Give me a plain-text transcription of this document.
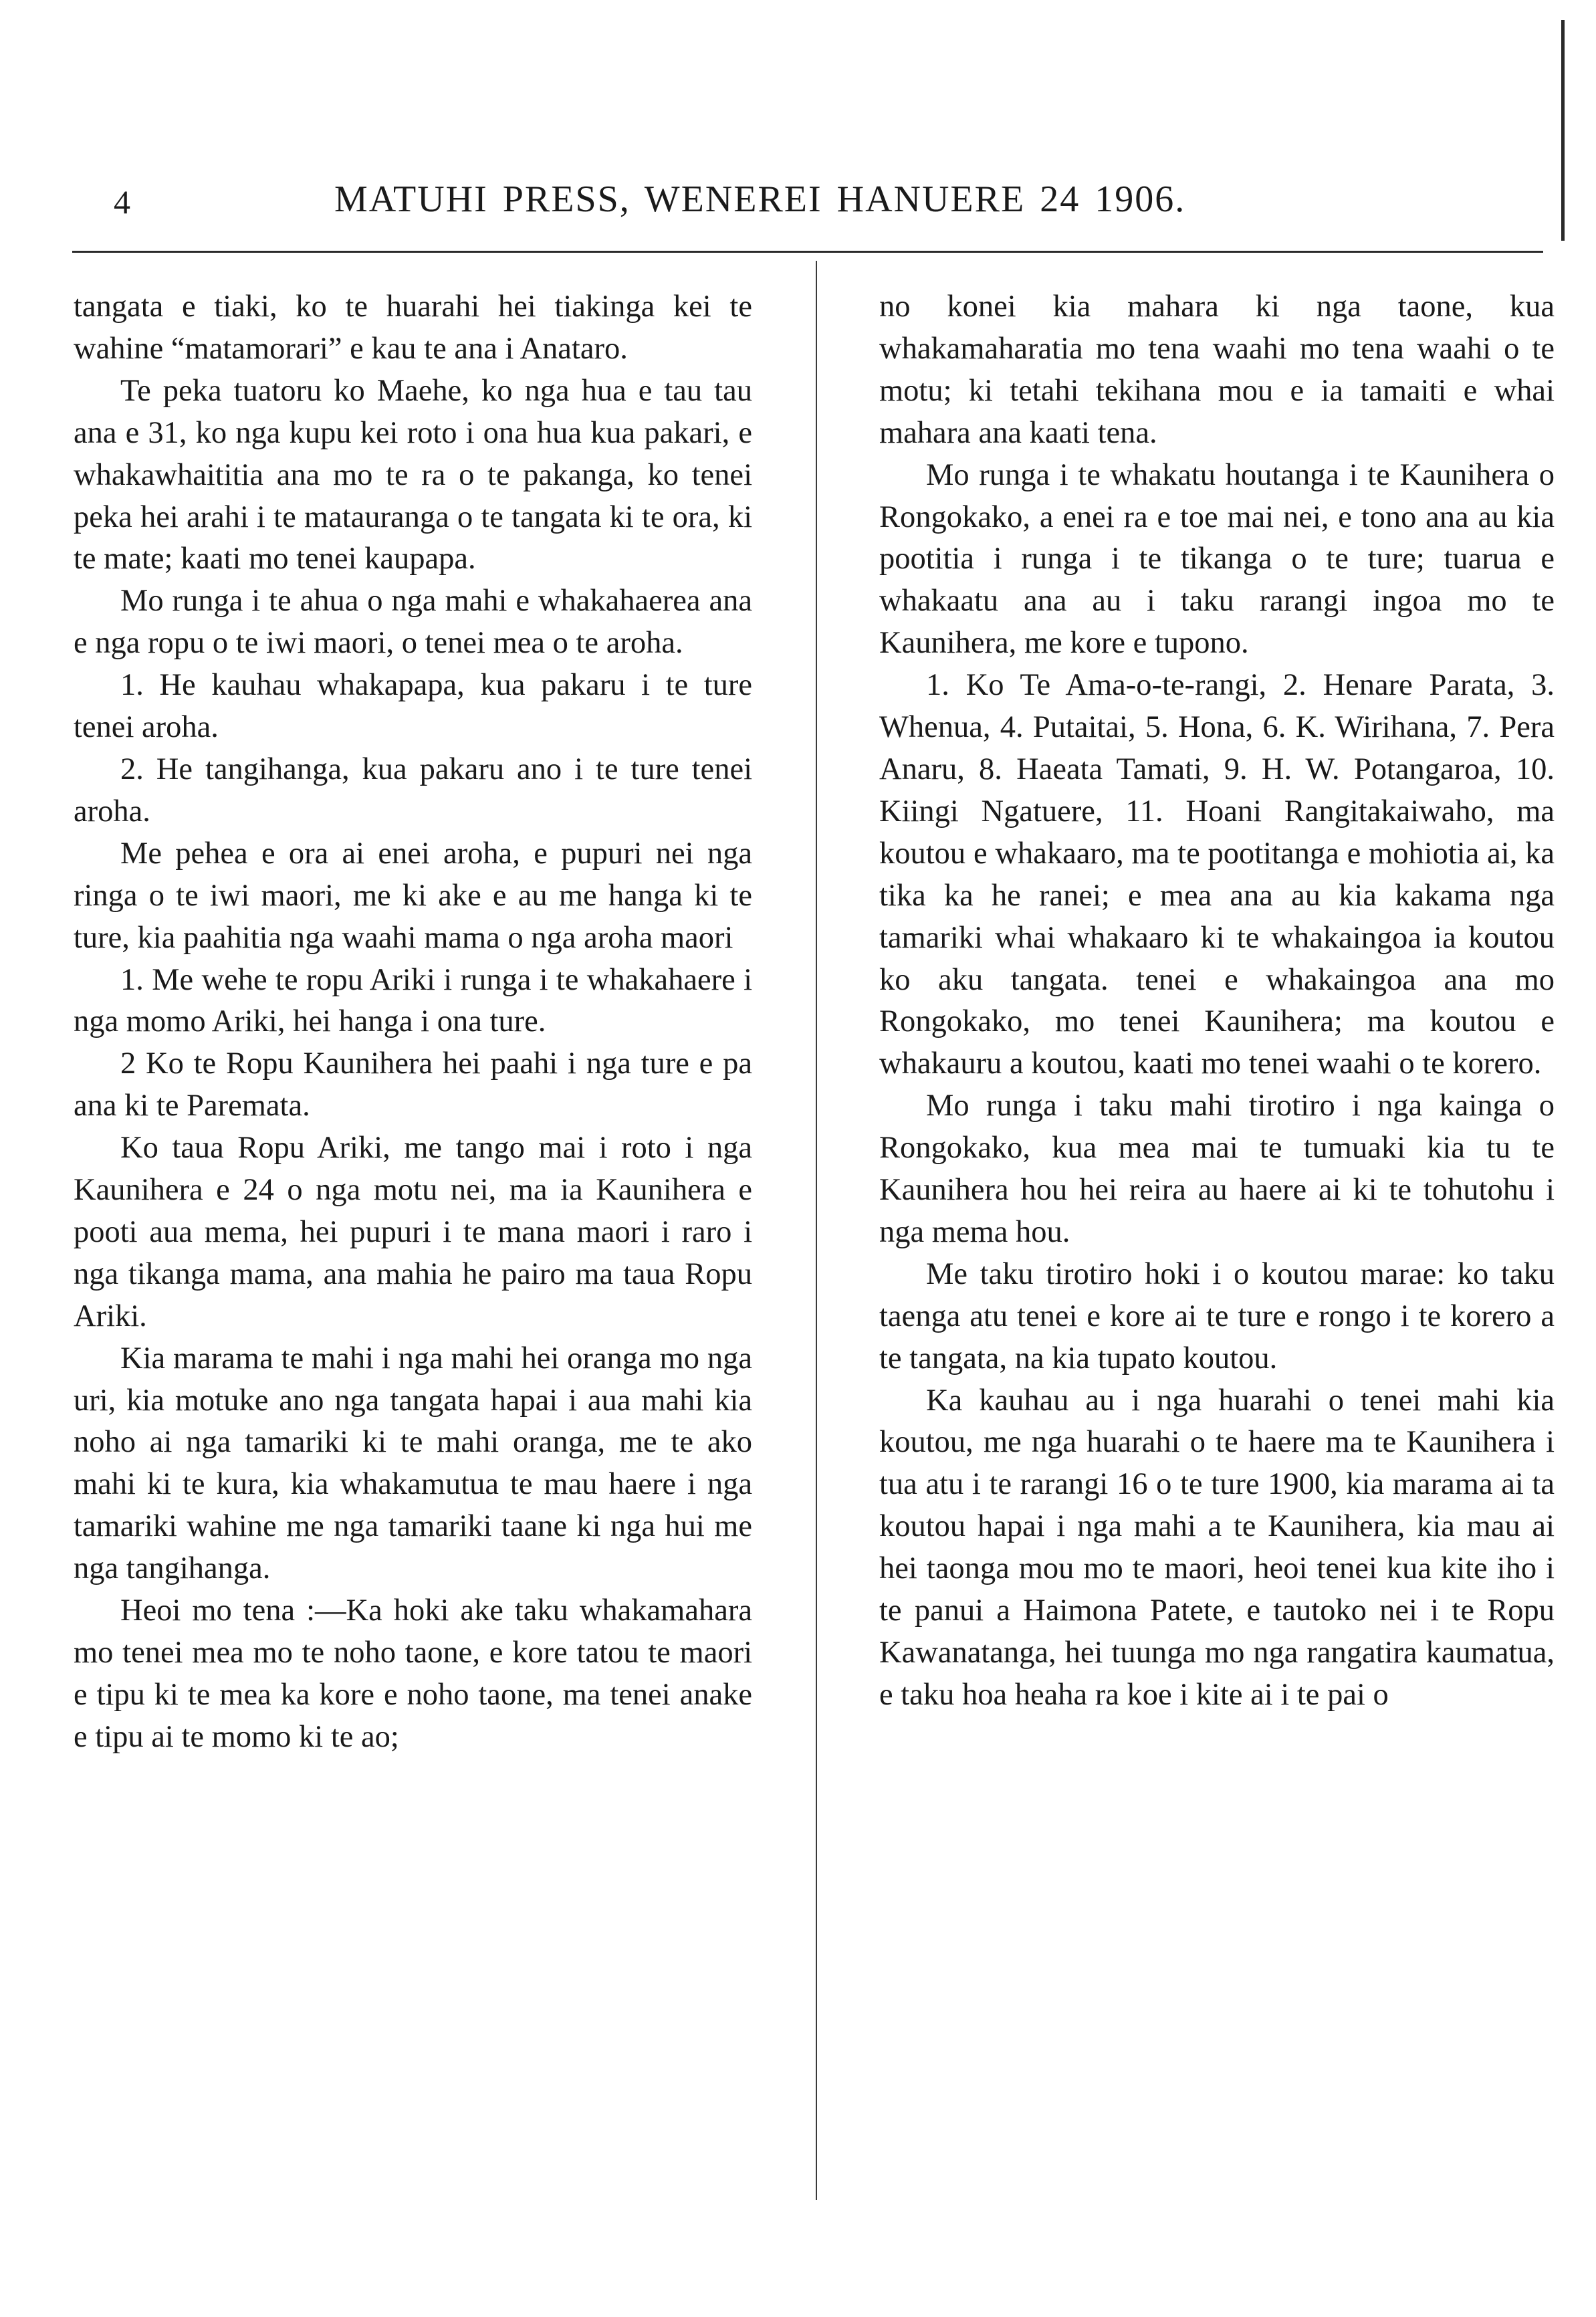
4	MATUHI PRESS, WENEREI HANUERE 24 1906.

tangata e tiaki, ko te huarahi hei tiakinga kei te wahine “matamorari” e kau te ana i Anataro.

Te peka tuatoru ko Maehe, ko nga hua e tau tau ana e 31, ko nga kupu kei roto i ona hua kua pakari, e whakawhaititia ana mo te ra o te pakanga, ko tenei peka hei arahi i te matauranga o te tangata ki te ora, ki te mate; kaati mo tenei kaupapa.

Mo runga i te ahua o nga mahi e whakahaerea ana e nga ropu o te iwi maori, o tenei mea o te aroha.

1. He kauhau whakapapa, kua pakaru i te ture tenei aroha.

2. He tangihanga, kua pakaru ano i te ture tenei aroha.

Me pehea e ora ai enei aroha, e pupuri nei nga ringa o te iwi maori, me ki ake e au me hanga ki te ture, kia paahitia nga waahi mama o nga aroha maori

1. Me wehe te ropu Ariki i runga i te whakahaere i nga momo Ariki, hei hanga i ona ture.

2 Ko te Ropu Kaunihera hei paahi i nga ture e pa ana ki te Paremata.

Ko taua Ropu Ariki, me tango mai i roto i nga Kaunihera e 24 o nga motu nei, ma ia Kaunihera e pooti aua mema, hei pupuri i te mana maori i raro i nga tikanga mama, ana mahia he pairo ma taua Ropu Ariki.

Kia marama te mahi i nga mahi hei oranga mo nga uri, kia motuke ano nga tangata hapai i aua mahi kia noho ai nga tamariki ki te mahi oranga, me te ako mahi ki te kura, kia whakamutua te mau haere i nga tamariki wahine me nga tamariki taane ki nga hui me nga tangihanga.

Heoi mo tena :—Ka hoki ake taku whakamahara mo tenei mea mo te noho taone, e kore tatou te maori e tipu ki te mea ka kore e noho taone, ma tenei anake e tipu ai te momo ki te ao;

no konei kia mahara ki nga taone, kua whakamaharatia mo tena waahi mo tena waahi o te motu; ki tetahi tekihana mou e ia tamaiti e whai mahara ana kaati tena.

Mo runga i te whakatu houtanga i te Kaunihera o Rongokako, a enei ra e toe mai nei, e tono ana au kia pootitia i runga i te tikanga o te ture; tuarua e whakaatu ana au i taku rarangi ingoa mo te Kaunihera, me kore e tupono.

1. Ko Te Ama-o-te-rangi, 2. Henare Parata, 3. Whenua, 4. Putaitai, 5. Hona, 6. K. Wirihana, 7. Pera Anaru, 8. Haeata Tamati, 9. H. W. Potangaroa, 10. Kiingi Ngatuere, 11. Hoani Rangitakaiwaho, ma koutou e whakaaro, ma te pootitanga e mohiotia ai, ka tika ka he ranei; e mea ana au kia kakama nga tamariki whai whakaaro ki te whakaingoa ia koutou ko aku tangata. tenei e whakaingoa ana mo Rongokako, mo tenei Kaunihera; ma koutou e whakauru a koutou, kaati mo tenei waahi o te korero.

Mo runga i taku mahi tirotiro i nga kainga o Rongokako, kua mea mai te tumuaki kia tu te Kaunihera hou hei reira au haere ai ki te tohutohu i nga mema hou.

Me taku tirotiro hoki i o koutou marae: ko taku taenga atu tenei e kore ai te ture e rongo i te korero a te tangata, na kia tupato koutou.

Ka kauhau au i nga huarahi o tenei mahi kia koutou, me nga huarahi o te haere ma te Kaunihera i tua atu i te rarangi 16 o te ture 1900, kia marama ai ta koutou hapai i nga mahi a te Kaunihera, kia mau ai hei taonga mou mo te maori, heoi tenei kua kite iho i te panui a Haimona Patete, e tautoko nei i te Ropu Kawanatanga, hei tuunga mo nga rangatira kaumatua, e taku hoa heaha ra koe i kite ai i te pai o
